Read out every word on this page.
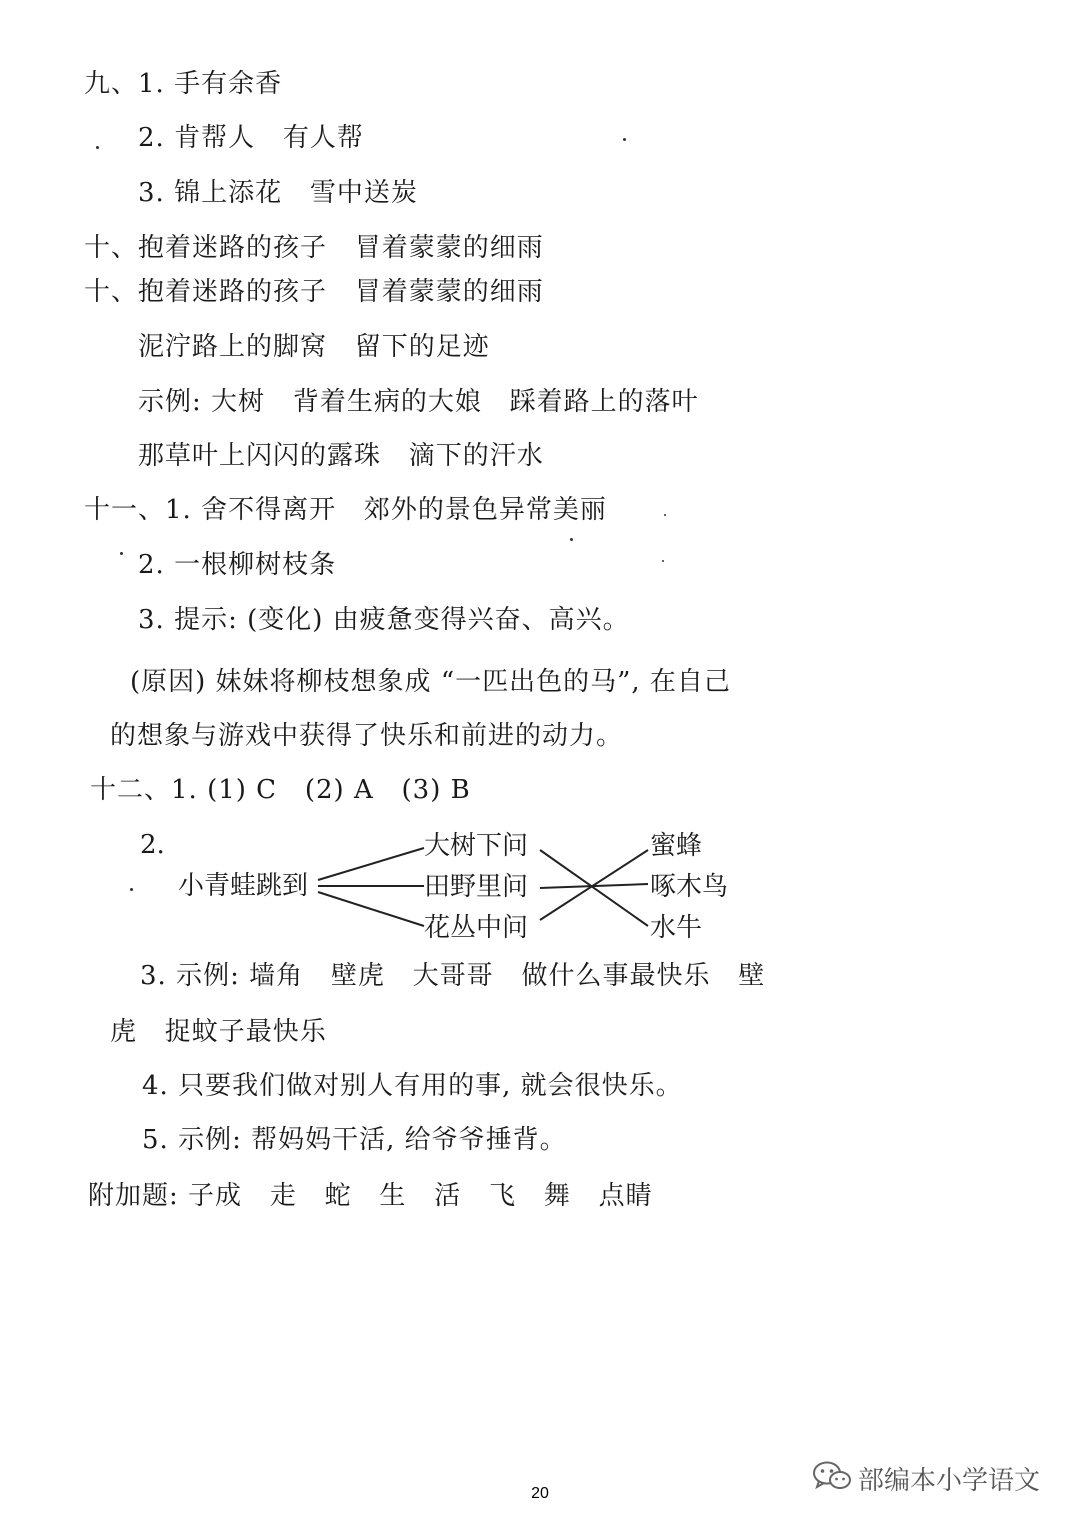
九、1. 手有余香
2. 肯帮人   有人帮
3. 锦上添花   雪中送炭
十、抱着迷路的孩子   冒着蒙蒙的细雨
十、抱着迷路的孩子   冒着蒙蒙的细雨
泥泞路上的脚窝   留下的足迹
示例: 大树   背着生病的大娘   踩着路上的落叶
那草叶上闪闪的露珠   滴下的汗水
十一、1. 舍不得离开   郊外的景色异常美丽
2. 一根柳树枝条
3. 提示: (变化) 由疲惫变得兴奋、高兴。
(原因) 妹妹将柳枝想象成 “一匹出色的马”, 在自己
的想象与游戏中获得了快乐和前进的动力。
十二、1. (1) C   (2) A   (3) B
2.
小青蛙跳到
大树下问
田野里问
花丛中问
蜜蜂
啄木鸟
水牛
3. 示例: 墙角   壁虎   大哥哥   做什么事最快乐   壁
虎   捉蚊子最快乐
4. 只要我们做对别人有用的事, 就会很快乐。
5. 示例: 帮妈妈干活, 给爷爷捶背。
附加题: 子成   走   蛇   生   活   飞   舞   点睛
20	部编本小学语文
